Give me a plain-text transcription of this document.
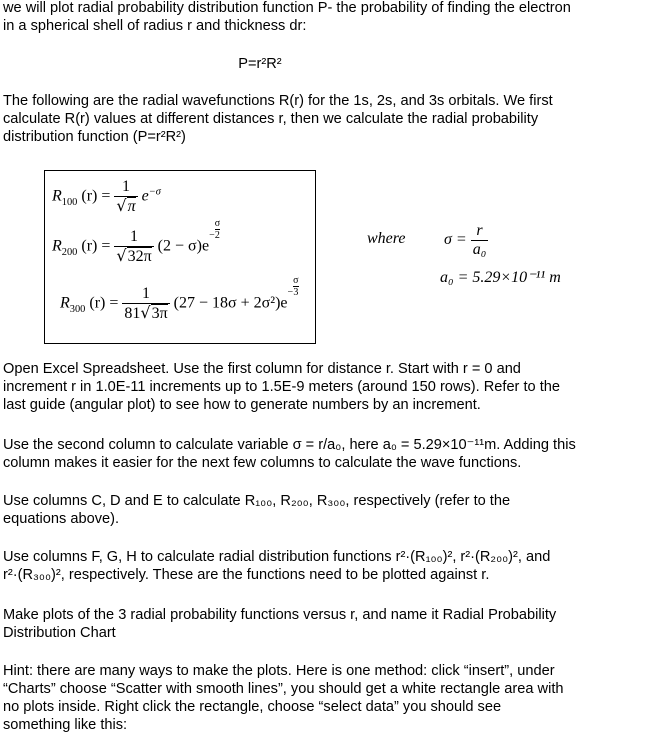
we will plot radial probability distribution function P- the probability of finding the electron
in a spherical shell of radius r and thickness dr:
P=r²R²
The following are the radial wavefunctions R(r) for the 1s, 2s, and 3s orbitals. We first
calculate R(r) values at different distances r, then we calculate the radial probability
distribution function (P=r²R²)
$R_{100}$ $(r) = \frac{1}{√\pi} e^{-\sigma}$
$R_{200}$ $(r) = \frac{1}{√32\pi} (2 - \sigma)e- \frac{\sigma}{2}$
$R_{300}$ $(r) = \frac{1}{81√3\pi} (27 - 18\sigma + 2\sigma^2)e- \frac{\sigma}{3}$
where $\sigma = \frac{r}{\text{a₀}}$
a₀ = 5.29×10⁻¹¹ m
Open Excel Spreadsheet. Use the first column for distance r. Start with r = 0 and
increment r in 1.0E-11 increments up to 1.5E-9 meters (around 150 rows). Refer to the
last guide (angular plot) to see how to generate numbers by an increment.
Use the second column to calculate variable σ = r/a₀, here a₀ = 5.29×10⁻¹¹m. Adding this
column makes it easier for the next few columns to calculate the wave functions.
Use columns C, D and E to calculate R₁₀₀, R₂₀₀, R₃₀₀, respectively (refer to the
equations above).
Use columns F, G, H to calculate radial distribution functions r²·(R₁₀₀)², r²·(R₂₀₀)², and
r²·(R₃₀₀)², respectively. These are the functions need to be plotted against r.
Make plots of the 3 radial probability functions versus r, and name it Radial Probability
Distribution Chart
Hint: there are many ways to make the plots. Here is one method: click “insert”, under
“Charts” choose “Scatter with smooth lines”, you should get a white rectangle area with
no plots inside. Right click the rectangle, choose “select data” you should see
something like this:
